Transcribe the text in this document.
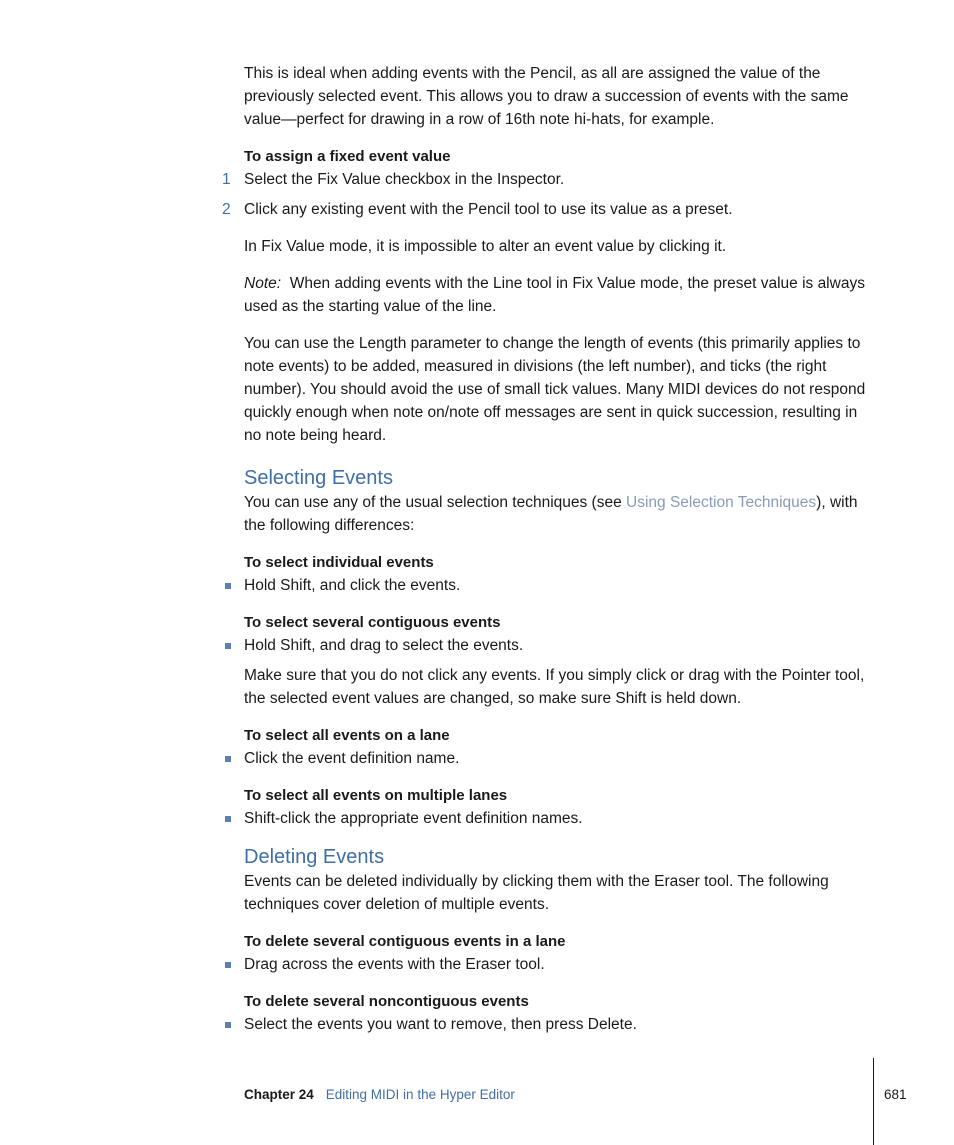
This is ideal when adding events with the Pencil, as all are assigned the value of the previously selected event. This allows you to draw a succession of events with the same value—perfect for drawing in a row of 16th note hi-hats, for example.

To assign a fixed event value

1 Select the Fix Value checkbox in the Inspector.

2 Click any existing event with the Pencil tool to use its value as a preset.

In Fix Value mode, it is impossible to alter an event value by clicking it.

Note: When adding events with the Line tool in Fix Value mode, the preset value is always used as the starting value of the line.

You can use the Length parameter to change the length of events (this primarily applies to note events) to be added, measured in divisions (the left number), and ticks (the right number). You should avoid the use of small tick values. Many MIDI devices do not respond quickly enough when note on/note off messages are sent in quick succession, resulting in no note being heard.

Selecting Events

You can use any of the usual selection techniques (see Using Selection Techniques), with the following differences:

To select individual events

Hold Shift, and click the events.

To select several contiguous events

Hold Shift, and drag to select the events.

Make sure that you do not click any events. If you simply click or drag with the Pointer tool, the selected event values are changed, so make sure Shift is held down.

To select all events on a lane

Click the event definition name.

To select all events on multiple lanes

Shift-click the appropriate event definition names.

Deleting Events

Events can be deleted individually by clicking them with the Eraser tool. The following techniques cover deletion of multiple events.

To delete several contiguous events in a lane

Drag across the events with the Eraser tool.

To delete several noncontiguous events

Select the events you want to remove, then press Delete.

Chapter 24 Editing MIDI in the Hyper Editor	681
